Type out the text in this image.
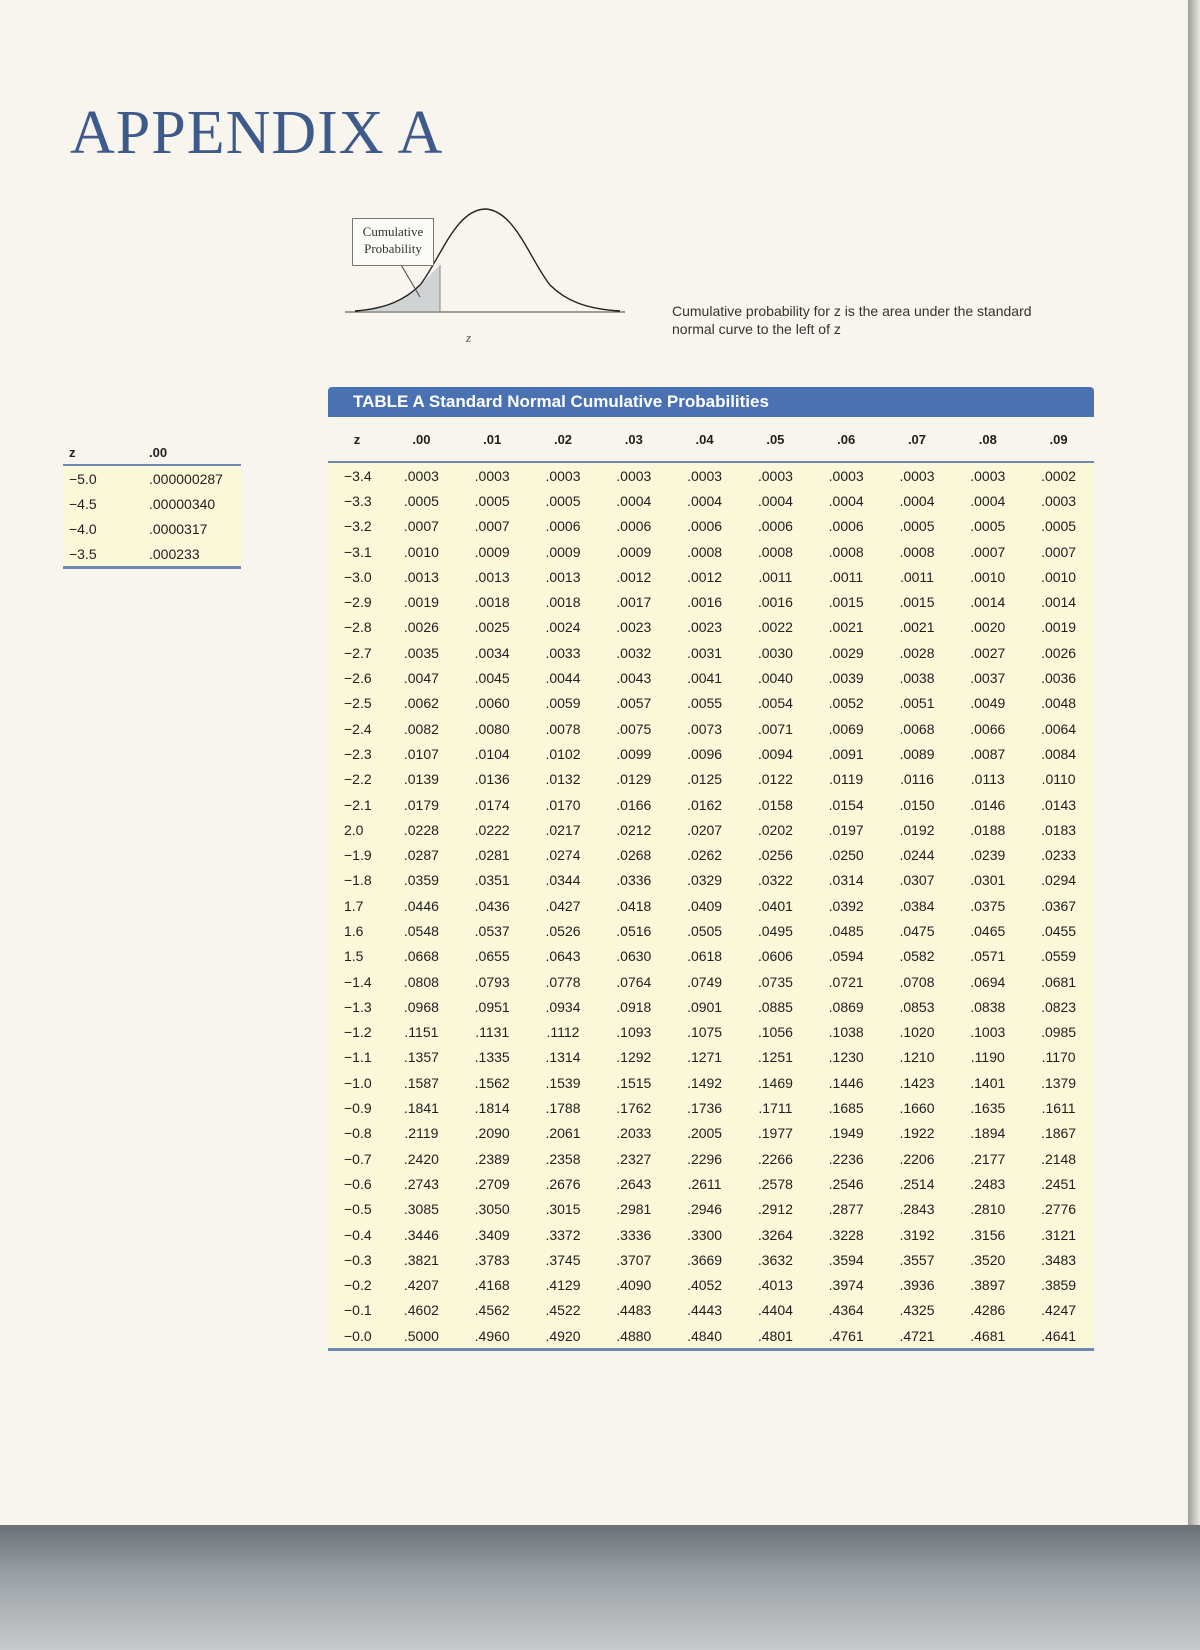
APPENDIX A
Cumulative Probability
z
Cumulative probability for z is the area under the standard normal curve to the left of z
z	.00
−5.0	.000000287
−4.5	.00000340
−4.0	.0000317
−3.5	.000233
TABLE A Standard Normal Cumulative Probabilities
z	.00	.01	.02	.03	.04	.05	.06	.07	.08	.09
−3.4	.0003	.0003	.0003	.0003	.0003	.0003	.0003	.0003	.0003	.0002
−3.3	.0005	.0005	.0005	.0004	.0004	.0004	.0004	.0004	.0004	.0003
−3.2	.0007	.0007	.0006	.0006	.0006	.0006	.0006	.0005	.0005	.0005
−3.1	.0010	.0009	.0009	.0009	.0008	.0008	.0008	.0008	.0007	.0007
−3.0	.0013	.0013	.0013	.0012	.0012	.0011	.0011	.0011	.0010	.0010
−2.9	.0019	.0018	.0018	.0017	.0016	.0016	.0015	.0015	.0014	.0014
−2.8	.0026	.0025	.0024	.0023	.0023	.0022	.0021	.0021	.0020	.0019
−2.7	.0035	.0034	.0033	.0032	.0031	.0030	.0029	.0028	.0027	.0026
−2.6	.0047	.0045	.0044	.0043	.0041	.0040	.0039	.0038	.0037	.0036
−2.5	.0062	.0060	.0059	.0057	.0055	.0054	.0052	.0051	.0049	.0048
−2.4	.0082	.0080	.0078	.0075	.0073	.0071	.0069	.0068	.0066	.0064
−2.3	.0107	.0104	.0102	.0099	.0096	.0094	.0091	.0089	.0087	.0084
−2.2	.0139	.0136	.0132	.0129	.0125	.0122	.0119	.0116	.0113	.0110
−2.1	.0179	.0174	.0170	.0166	.0162	.0158	.0154	.0150	.0146	.0143
2.0	.0228	.0222	.0217	.0212	.0207	.0202	.0197	.0192	.0188	.0183
−1.9	.0287	.0281	.0274	.0268	.0262	.0256	.0250	.0244	.0239	.0233
−1.8	.0359	.0351	.0344	.0336	.0329	.0322	.0314	.0307	.0301	.0294
1.7	.0446	.0436	.0427	.0418	.0409	.0401	.0392	.0384	.0375	.0367
1.6	.0548	.0537	.0526	.0516	.0505	.0495	.0485	.0475	.0465	.0455
1.5	.0668	.0655	.0643	.0630	.0618	.0606	.0594	.0582	.0571	.0559
−1.4	.0808	.0793	.0778	.0764	.0749	.0735	.0721	.0708	.0694	.0681
−1.3	.0968	.0951	.0934	.0918	.0901	.0885	.0869	.0853	.0838	.0823
−1.2	.1151	.1131	.1112	.1093	.1075	.1056	.1038	.1020	.1003	.0985
−1.1	.1357	.1335	.1314	.1292	.1271	.1251	.1230	.1210	.1190	.1170
−1.0	.1587	.1562	.1539	.1515	.1492	.1469	.1446	.1423	.1401	.1379
−0.9	.1841	.1814	.1788	.1762	.1736	.1711	.1685	.1660	.1635	.1611
−0.8	.2119	.2090	.2061	.2033	.2005	.1977	.1949	.1922	.1894	.1867
−0.7	.2420	.2389	.2358	.2327	.2296	.2266	.2236	.2206	.2177	.2148
−0.6	.2743	.2709	.2676	.2643	.2611	.2578	.2546	.2514	.2483	.2451
−0.5	.3085	.3050	.3015	.2981	.2946	.2912	.2877	.2843	.2810	.2776
−0.4	.3446	.3409	.3372	.3336	.3300	.3264	.3228	.3192	.3156	.3121
−0.3	.3821	.3783	.3745	.3707	.3669	.3632	.3594	.3557	.3520	.3483
−0.2	.4207	.4168	.4129	.4090	.4052	.4013	.3974	.3936	.3897	.3859
−0.1	.4602	.4562	.4522	.4483	.4443	.4404	.4364	.4325	.4286	.4247
−0.0	.5000	.4960	.4920	.4880	.4840	.4801	.4761	.4721	.4681	.4641
